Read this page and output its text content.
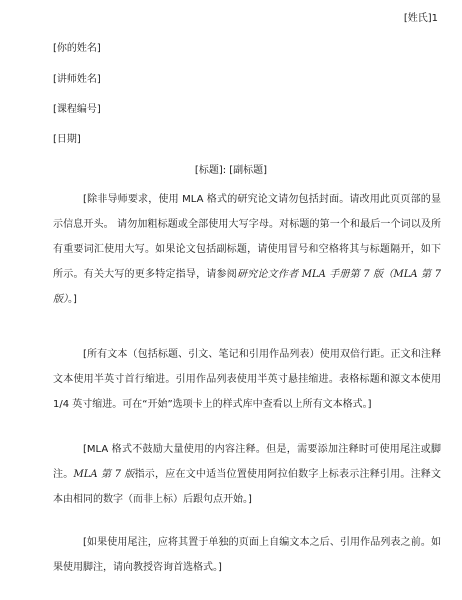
[姓氏]1
[你的姓名]
[讲师姓名]
[课程编号]
[日期]
[标题]: [副标题]
[除非导师要求，使用 MLA 格式的研究论文请勿包括封面。请改用此页页部的显示信息开头。 请勿加粗标题或全部使用大写字母。对标题的第一个和最后一个词以及所有重要词汇使用大写。如果论文包括副标题，请使用冒号和空格将其与标题隔开，如下所示。有关大写的更多特定指导，请参阅研究论文作者 MLA 手册第 7 版（MLA 第 7 版）。]
[所有文本（包括标题、引文、笔记和引用作品列表）使用双倍行距。正文和注释文本使用半英寸首行缩进。引用作品列表使用半英寸悬挂缩进。表格标题和源文本使用 1/4 英寸缩进。可在“开始”选项卡上的样式库中查看以上所有文本格式。]
[MLA 格式不鼓励大量使用的内容注释。但是，需要添加注释时可使用尾注或脚注。MLA 第 7 版指示，应在文中适当位置使用阿拉伯数字上标表示注释引用。注释文本由相同的数字（而非上标）后跟句点开始。]
[如果使用尾注，应将其置于单独的页面上自编文本之后、引用作品列表之前。如果使用脚注，请向教授咨询首选格式。]
